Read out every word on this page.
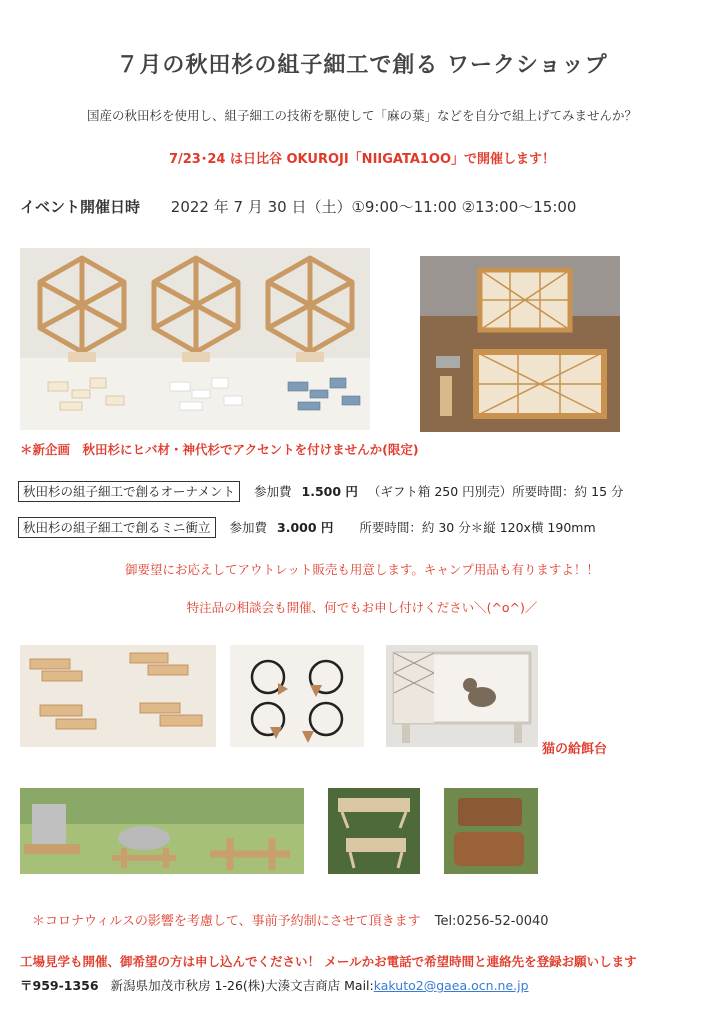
７月の秋田杉の組子細工で創る ワークショップ
国産の秋田杉を使用し、組子細工の技術を駆使して「麻の葉」などを自分で組上げてみませんか？
7/23･24 は日比谷 OKUROJI「NIIGATA1OO」で開催します！
イベント開催日時 2022 年 7 月 30 日（土）①9:00～11:00 ②13:00～15:00
＊新企画　秋田杉にヒバ材・神代杉でアクセントを付けませんか(限定)
秋田杉の組子細工で創るオーナメント 参加費 1.500 円 （ギフト箱 250 円別売）所要時間：約 15 分
秋田杉の組子細工で創るミニ衝立 参加費 3.000 円 所要時間：約 30 分＊縦 120x横 190mm
御要望にお応えしてアウトレット販売も用意します。キャンプ用品も有りますよ！！
特注品の相談会も開催、何でもお申し付けください＼(^o^)／
猫の給餌台
＊コロナウィルスの影響を考慮して、事前予約制にさせて頂きます Tel:0256-52-0040
工場見学も開催、御希望の方は申し込んでください！ メールかお電話で希望時間と連絡先を登録お願いします
〒959-1356 新潟県加茂市秋房 1-26(株)大湊文吉商店 Mail:kakuto2@gaea.ocn.ne.jp
